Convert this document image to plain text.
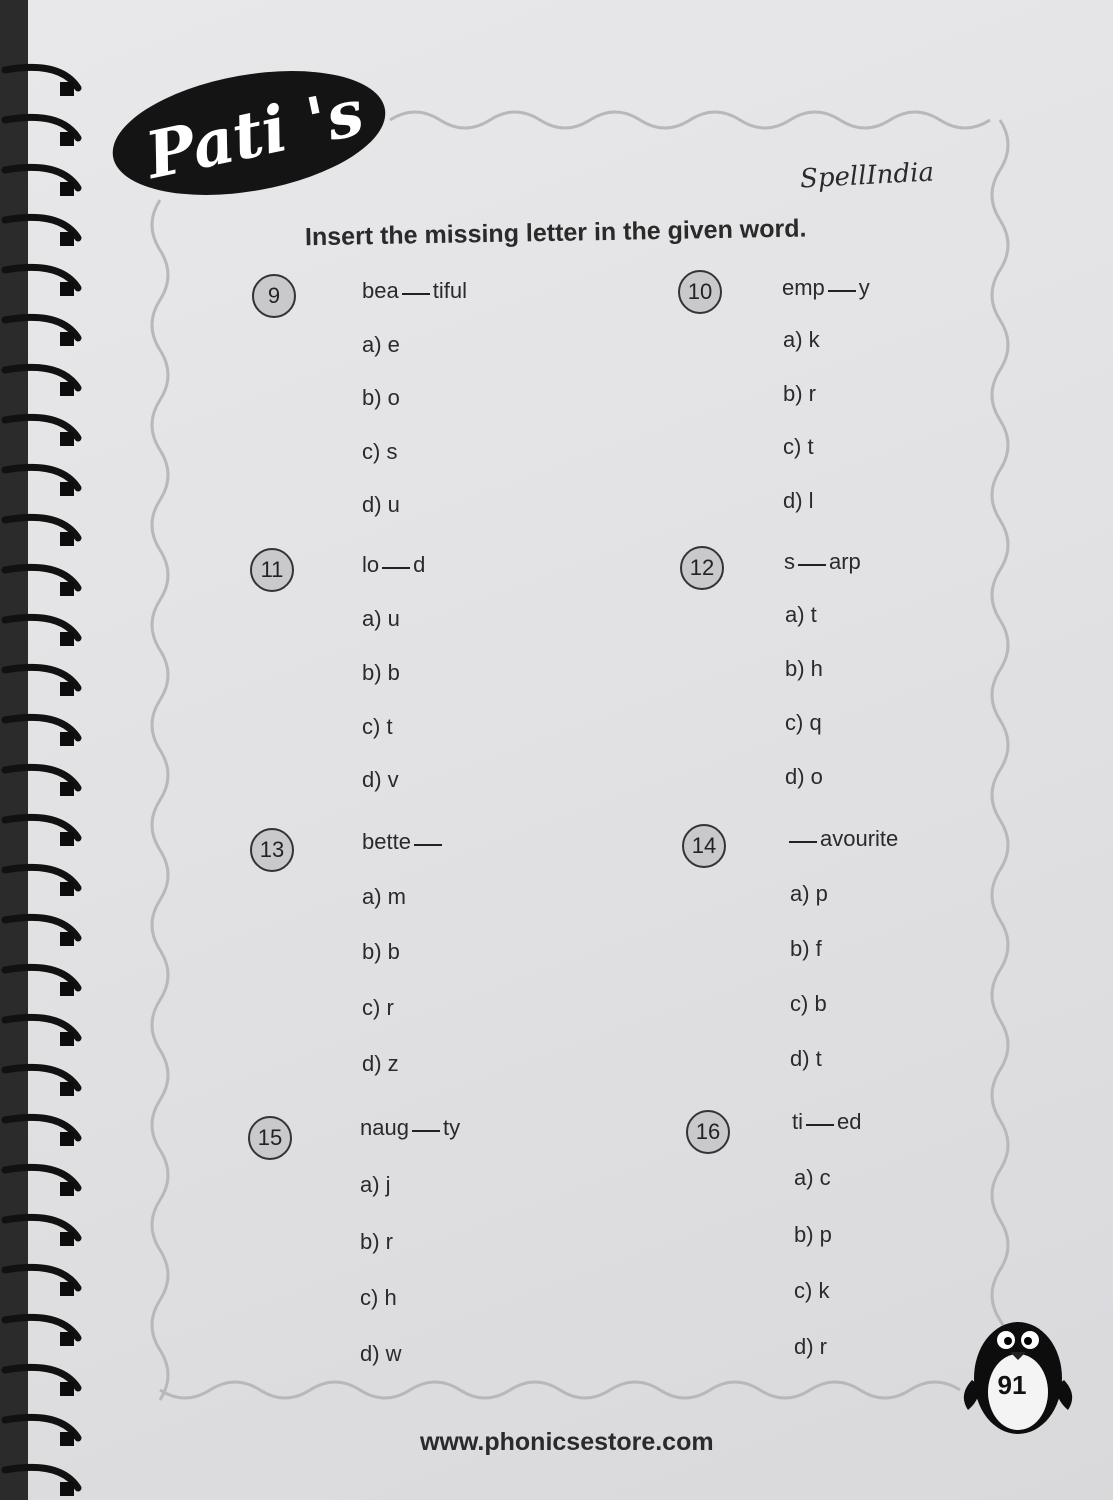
Pati 's	SpellIndia
Insert the missing letter in the given word.
9	bea tiful
a) e
b) o
c) s
d) u
10	emp y
a) k
b) r
c) t
d) l
11	lo d
a) u
b) b
c) t
d) v
12	s arp
a) t
b) h
c) q
d) o
13	bette
a) m
b) b
c) r
d) z
14	avourite
a) p
b) f
c) b
d) t
15	naug ty
a) j
b) r
c) h
d) w
16	ti ed
a) c
b) p
c) k
d) r
91
www.phonicsestore.com
